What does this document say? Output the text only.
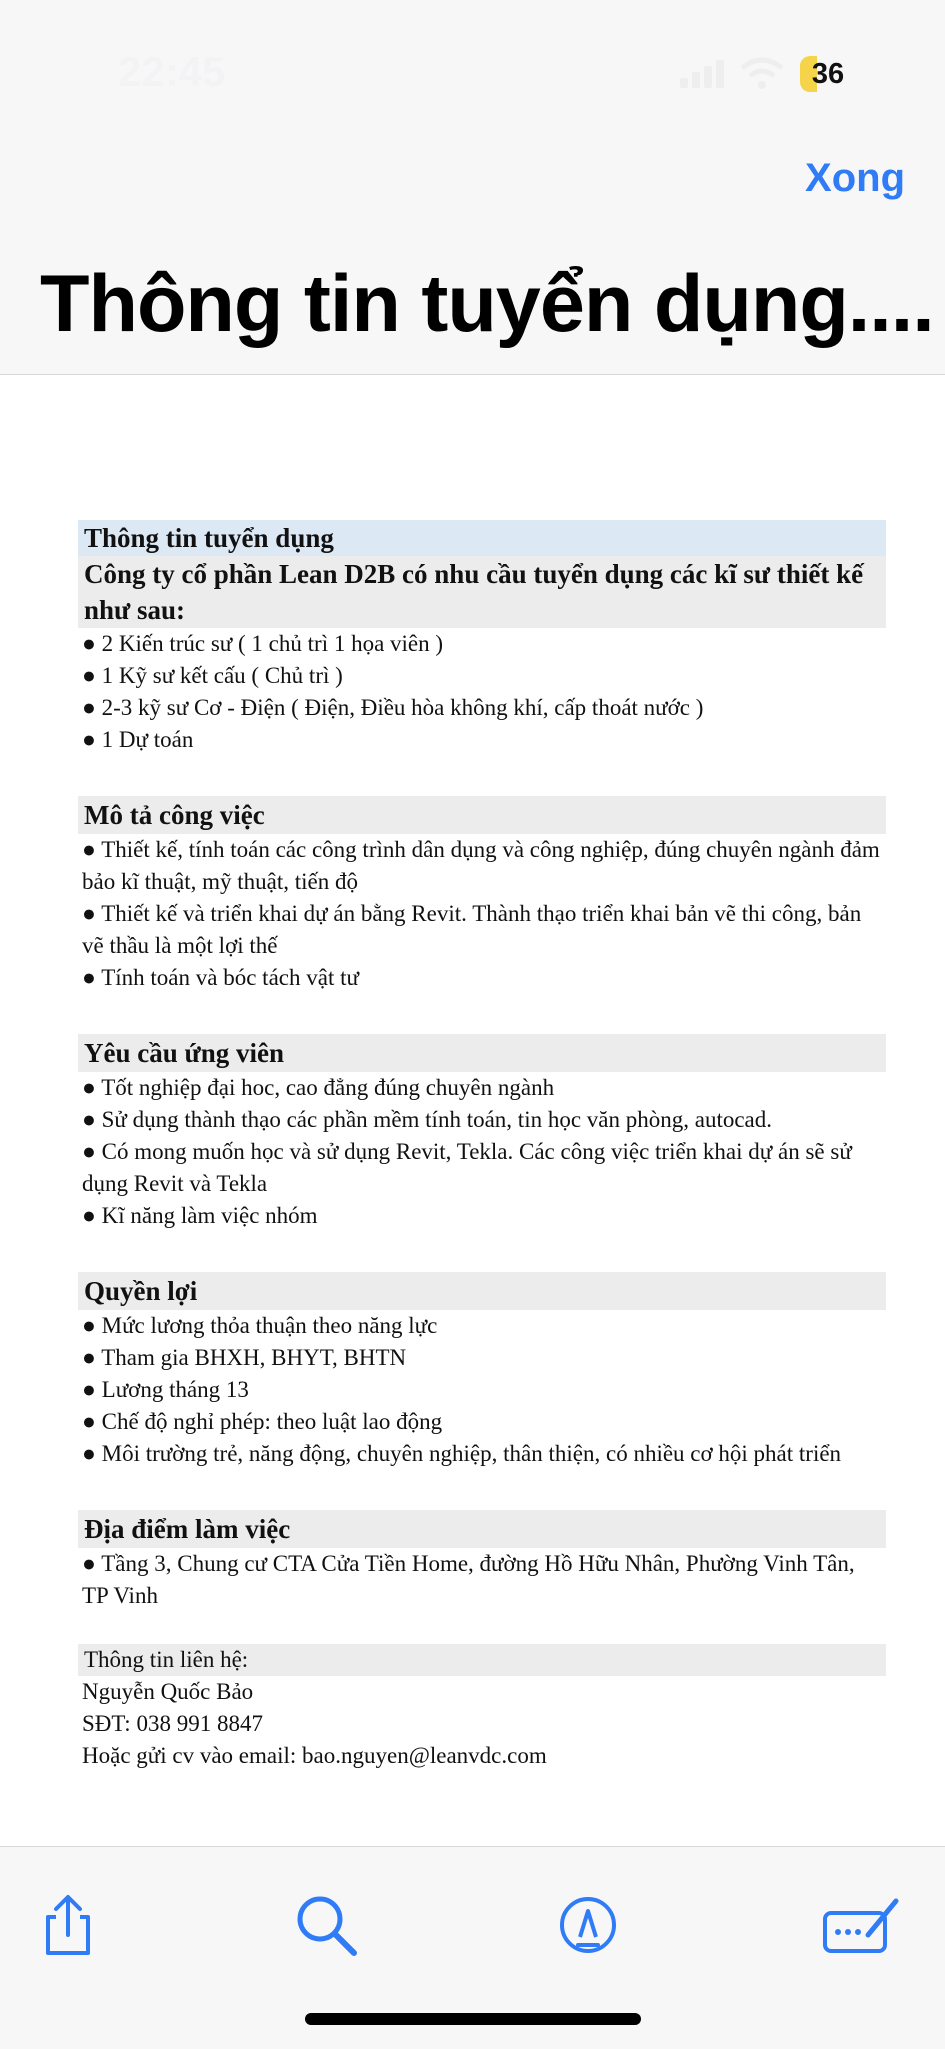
22:45	36
Xong
Thông tin tuyển dụng....
Thông tin tuyển dụng
Công ty cổ phần Lean D2B có nhu cầu tuyển dụng các kĩ sư thiết kế như sau:
● 2 Kiến trúc sư ( 1 chủ trì 1 họa viên )
● 1 Kỹ sư kết cấu ( Chủ trì )
● 2-3 kỹ sư Cơ - Điện ( Điện, Điều hòa không khí, cấp thoát nước )
● 1 Dự toán
Mô tả công việc
● Thiết kế, tính toán các công trình dân dụng và công nghiệp, đúng chuyên ngành đảm bảo kĩ thuật, mỹ thuật, tiến độ
● Thiết kế và triển khai dự án bằng Revit. Thành thạo triển khai bản vẽ thi công, bản vẽ thầu là một lợi thế
● Tính toán và bóc tách vật tư
Yêu cầu ứng viên
● Tốt nghiệp đại hoc, cao đẳng đúng chuyên ngành
● Sử dụng thành thạo các phần mềm tính toán, tin học văn phòng, autocad.
● Có mong muốn học và sử dụng Revit, Tekla. Các công việc triển khai dự án sẽ sử dụng Revit và Tekla
● Kĩ năng làm việc nhóm
Quyền lợi
● Mức lương thỏa thuận theo năng lực
● Tham gia BHXH, BHYT, BHTN
● Lương tháng 13
● Chế độ nghỉ phép: theo luật lao động
● Môi trường trẻ, năng động, chuyên nghiệp, thân thiện, có nhiều cơ hội phát triển
Địa điểm làm việc
● Tầng 3, Chung cư CTA Cửa Tiền Home, đường Hồ Hữu Nhân, Phường Vinh Tân, TP Vinh
Thông tin liên hệ:
Nguyễn Quốc Bảo
SĐT: 038 991 8847
Hoặc gửi cv vào email: bao.nguyen@leanvdc.com
